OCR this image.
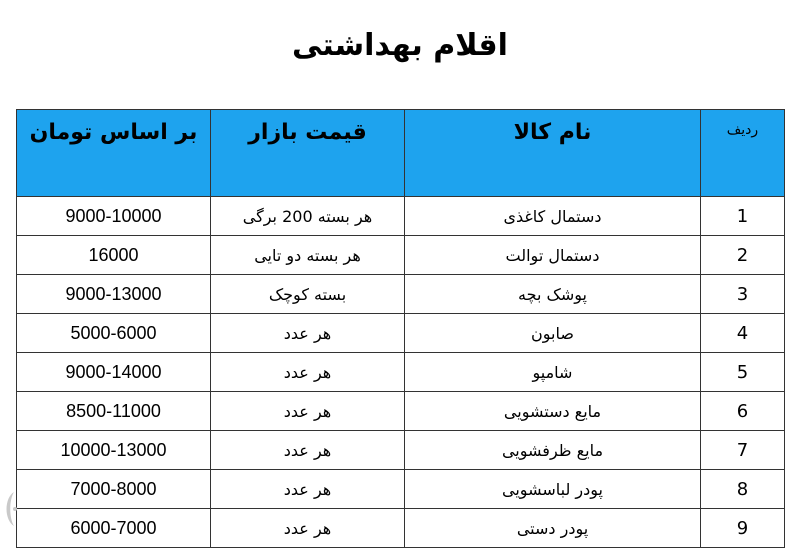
اقلام بهداشتی
ردیف	نام کالا	قیمت بازار	بر اساس تومان
1	دستمال کاغذی	هر بسته 200 برگی	9000-10000
2	دستمال توالت	هر بسته دو تایی	16000
3	پوشک بچه	بسته کوچک	9000-13000
4	صابون	هر عدد	5000-6000
5	شامپو	هر عدد	9000-14000
6	مایع دستشویی	هر عدد	8500-11000
7	مایع ظرفشویی	هر عدد	10000-13000
8	پودر لباسشویی	هر عدد	7000-8000
9	پودر دستی	هر عدد	6000-7000
